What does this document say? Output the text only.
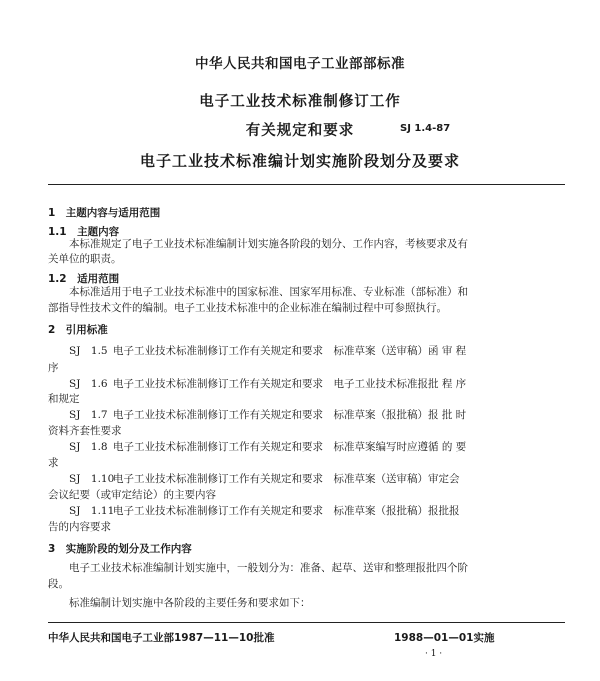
中华人民共和国电子工业部部标准
电子工业技术标准制修订工作
有关规定和要求	SJ 1.4-87
电子工业技术标准编计划实施阶段划分及要求
1　主题内容与适用范围
1.1　主题内容
本标准规定了电子工业技术标准编制计划实施各阶段的划分、工作内容，考核要求及有
关单位的职责。
1.2　适用范围
本标准适用于电子工业技术标准中的国家标准、国家军用标准、专业标准（部标准）和
部指导性技术文件的编制。电子工业技术标准中的企业标准在编制过程中可参照执行。
2　引用标准
SJ　1.5 电子工业技术标准制修订工作有关规定和要求　标准草案（送审稿）函 审 程
序
SJ　1.6 电子工业技术标准制修订工作有关规定和要求　电子工业技术标准报批 程 序
和规定
SJ　1.7 电子工业技术标准制修订工作有关规定和要求　标准草案（报批稿）报 批 时
资料齐套性要求
SJ　1.8 电子工业技术标准制修订工作有关规定和要求　标准草案编写时应遵循 的 要
求
SJ　1.10电子工业技术标准制修订工作有关规定和要求　标准草案（送审稿）审定会
会议纪要（或审定结论）的主要内容
SJ　1.11电子工业技术标准制修订工作有关规定和要求　标准草案（报批稿）报批报
告的内容要求
3　实施阶段的划分及工作内容
电子工业技术标准编制计划实施中，一般划分为：准备、起草、送审和整理报批四个阶
段。
标准编制计划实施中各阶段的主要任务和要求如下：
中华人民共和国电子工业部1987—11—10批准	1988—01—01实施
· 1 ·
